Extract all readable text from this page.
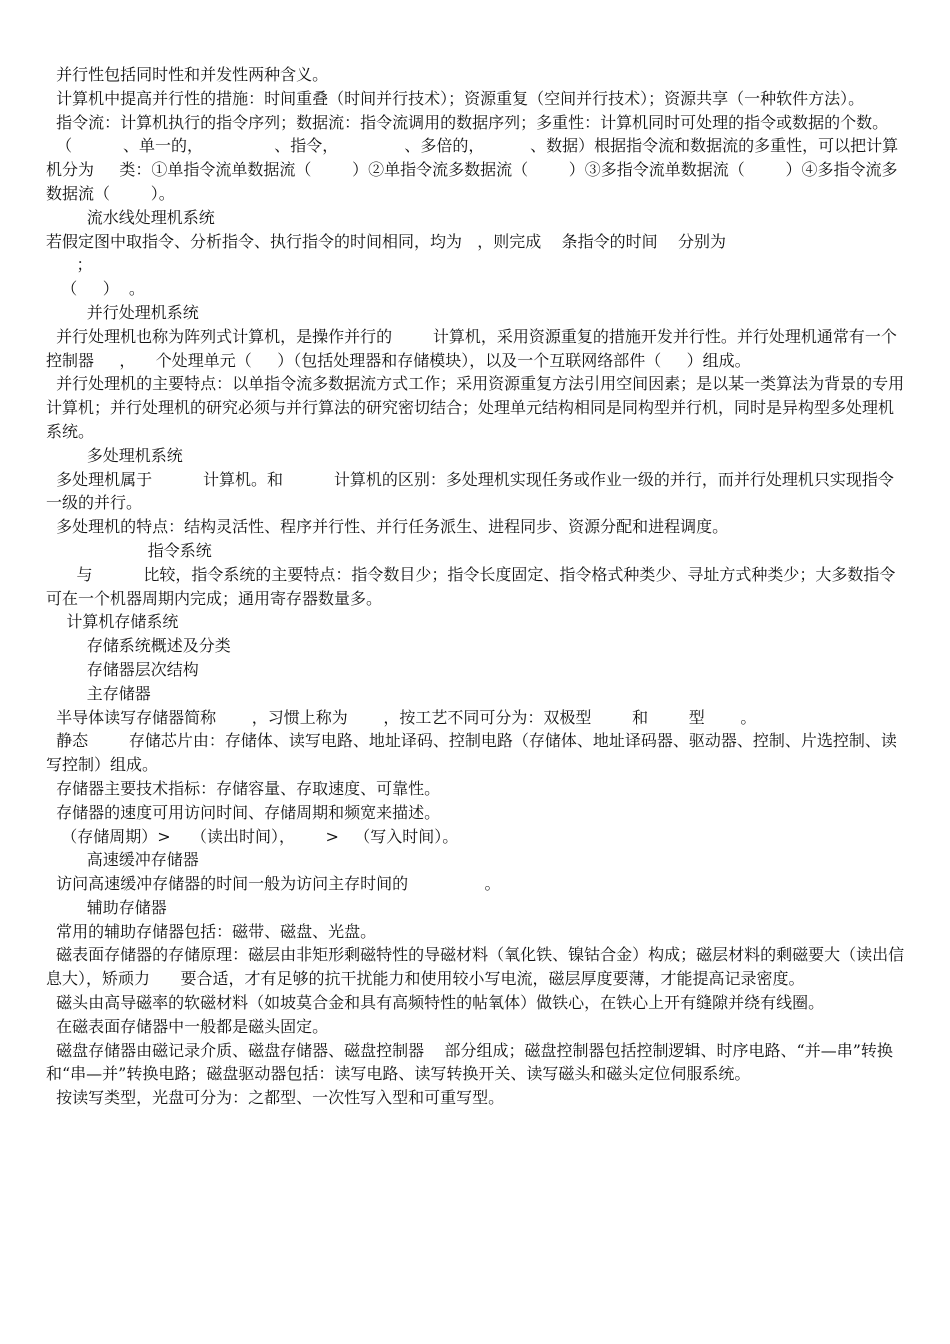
并行性包括同时性和并发性两种含义。

计算机中提高并行性的措施：时间重叠（时间并行技术）；资源重复（空间并行技术）；资源共享（一种软件方法）。

指令流：计算机执行的指令序列；数据流：指令流调用的数据序列；多重性：计算机同时可处理的指令或数据的个数。

（          、单一的，              、指令，             、多倍的，         、数据）根据指令流和数据流的多重性，可以把计算机分为     类：①单指令流单数据流（        ）②单指令流多数据流（        ）③多指令流单数据流（        ）④多指令流多数据流（        ）。

流水线处理机系统

若假定图中取指令、分析指令、执行指令的时间相同，均为   ，则完成    条指令的时间    分别为

；

（     ）  。

并行处理机系统

并行处理机也称为阵列式计算机，是操作并行的        计算机，采用资源重复的措施开发并行性。并行处理机通常有一个控制器     ，    个处理单元（     ）（包括处理器和存储模块），以及一个互联网络部件（     ）组成。

并行处理机的主要特点：以单指令流多数据流方式工作；采用资源重复方法引用空间因素；是以某一类算法为背景的专用计算机；并行处理机的研究必须与并行算法的研究密切结合；处理单元结构相同是同构型并行机，同时是异构型多处理机系统。

多处理机系统

多处理机属于          计算机。和          计算机的区别：多处理机实现任务或作业一级的并行，而并行处理机只实现指令一级的并行。

多处理机的特点：结构灵活性、程序并行性、并行任务派生、进程同步、资源分配和进程调度。

指令系统

与          比较，指令系统的主要特点：指令数目少；指令长度固定、指令格式种类少、寻址方式种类少；大多数指令可在一个机器周期内完成；通用寄存器数量多。

计算机存储系统

存储系统概述及分类

存储器层次结构

主存储器

半导体读写存储器简称       ，习惯上称为       ，按工艺不同可分为：双极型        和        型       。

静态        存储芯片由：存储体、读写电路、地址译码、控制电路（存储体、地址译码器、驱动器、控制、片选控制、读  写控制）组成。

存储器主要技术指标：存储容量、存取速度、可靠性。

存储器的速度可用访问时间、存储周期和频宽来描述。

（存储周期）>    （读出时间），      >   （写入时间）。

高速缓冲存储器

访问高速缓冲存储器的时间一般为访问主存时间的               。

辅助存储器

常用的辅助存储器包括：磁带、磁盘、光盘。

磁表面存储器的存储原理：磁层由非矩形剩磁特性的导磁材料（氧化铁、镍钴合金）构成；磁层材料的剩磁要大（读出信息大），矫顽力      要合适，才有足够的抗干扰能力和使用较小写电流，磁层厚度要薄，才能提高记录密度。

磁头由高导磁率的软磁材料（如坡莫合金和具有高频特性的帖氧体）做铁心，在铁心上开有缝隙并绕有线圈。

在磁表面存储器中一般都是磁头固定。

磁盘存储器由磁记录介质、磁盘存储器、磁盘控制器    部分组成；磁盘控制器包括控制逻辑、时序电路、“并—串”转换和“串—并”转换电路；磁盘驱动器包括：读写电路、读写转换开关、读写磁头和磁头定位伺服系统。

按读写类型，光盘可分为：之都型、一次性写入型和可重写型。
